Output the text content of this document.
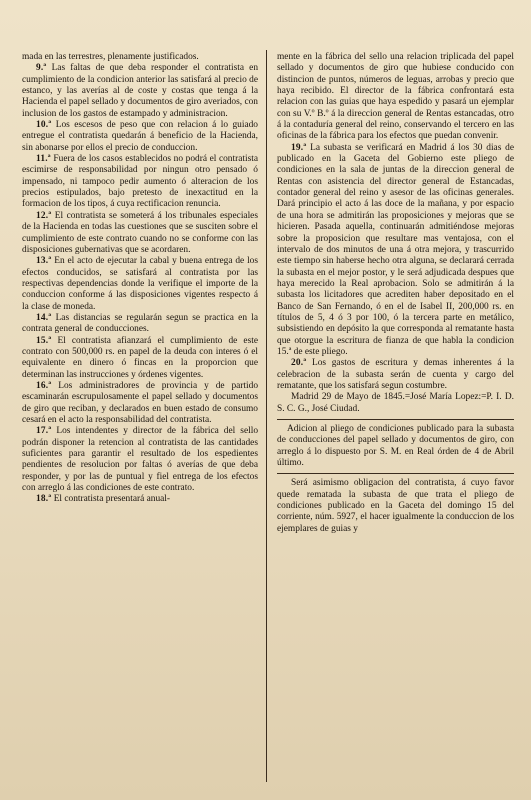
mada en las terrestres, plenamente justificados.

9.ª Las faltas de que deba responder el contratista en cumplimiento de la condicion anterior las satisfará al precio de estanco, y las averías al de coste y costas que tenga á la Hacienda el papel sellado y documentos de giro averiados, con inclusion de los gastos de estampado y administracion.

10.ª Los escesos de peso que con relacion á lo guiado entregue el contratista quedarán á beneficio de la Hacienda, sin abonarse por ellos el precio de conduccion.

11.ª Fuera de los casos establecidos no podrá el contratista escimirse de responsabilidad por ningun otro pensado ó impensado, ni tampoco pedir aumento ó alteracion de los precios estipulados, bajo pretesto de inexactitud en la formacion de los tipos, á cuya rectificacion renuncia.

12.ª El contratista se someterá á los tribunales especiales de la Hacienda en todas las cuestiones que se susciten sobre el cumplimiento de este contrato cuando no se conforme con las disposiciones gubernativas que se acordaren.

13.ª En el acto de ejecutar la cabal y buena entrega de los efectos conducidos, se satisfará al contratista por las respectivas dependencias donde la verifique el importe de la conduccion conforme á las disposiciones vigentes respecto á la clase de moneda.

14.ª Las distancias se regularán segun se practica en la contrata general de conducciones.

15.ª El contratista afianzará el cumplimiento de este contrato con 500,000 rs. en papel de la deuda con interes ó el equivalente en dinero ó fincas en la proporcion que determinan las instrucciones y órdenes vigentes.

16.ª Los administradores de provincia y de partido escaminarán escrupulosamente el papel sellado y documentos de giro que reciban, y declarados en buen estado de consumo cesará en el acto la responsabilidad del contratista.

17.ª Los intendentes y director de la fábrica del sello podrán disponer la retencion al contratista de las cantidades suficientes para garantir el resultado de los espedientes pendientes de resolucion por faltas ó averías de que deba responder, y por las de puntual y fiel entrega de los efectos con arreglo á las condiciones de este contrato.

18.ª El contratista presentará anual-

mente en la fábrica del sello una relacion triplicada del papel sellado y documentos de giro que hubiese conducido con distincion de puntos, números de leguas, arrobas y precio que haya recibido. El director de la fábrica confrontará esta relacion con las guias que haya espedido y pasará un ejemplar con su V.º B.º á la direccion general de Rentas estancadas, otro á la contaduría general del reino, conservando el tercero en las oficinas de la fábrica para los efectos que puedan convenir.

19.ª La subasta se verificará en Madrid á los 30 dias de publicado en la Gaceta del Gobierno este pliego de condiciones en la sala de juntas de la direccion general de Rentas con asistencia del director general de Estancadas, contador general del reino y asesor de las oficinas generales. Dará principio el acto á las doce de la mañana, y por espacio de una hora se admitirán las proposiciones y mejoras que se hicieren. Pasada aquella, continuarán admitiéndose mejoras sobre la proposicion que resultare mas ventajosa, con el intervalo de dos minutos de una á otra mejora, y trascurrido este tiempo sin haberse hecho otra alguna, se declarará cerrada la subasta en el mejor postor, y le será adjudicada despues que haya merecido la Real aprobacion. Solo se admitirán á la subasta los licitadores que acrediten haber depositado en el Banco de San Fernando, ó en el de Isabel II, 200,000 rs. en títulos de 5, 4 ó 3 por 100, ó la tercera parte en metálico, subsistiendo en depósito la que corresponda al rematante hasta que otorgue la escritura de fianza de que habla la condicion 15.ª de este pliego.

20.ª Los gastos de escritura y demas inherentes á la celebracion de la subasta serán de cuenta y cargo del rematante, que los satisfará segun costumbre.

Madrid 29 de Mayo de 1845.=José María Lopez:=P. I. D. S. C. G., José Ciudad.

Adicion al pliego de condiciones publicado para la subasta de conducciones del papel sellado y documentos de giro, con arreglo á lo dispuesto por S. M. en Real órden de 4 de Abril último.

Será asimismo obligacion del contratista, á cuyo favor quede rematada la subasta de que trata el pliego de condiciones publicado en la Gaceta del domingo 15 del corriente, núm. 5927, el hacer igualmente la conduccion de los ejemplares de guias y
